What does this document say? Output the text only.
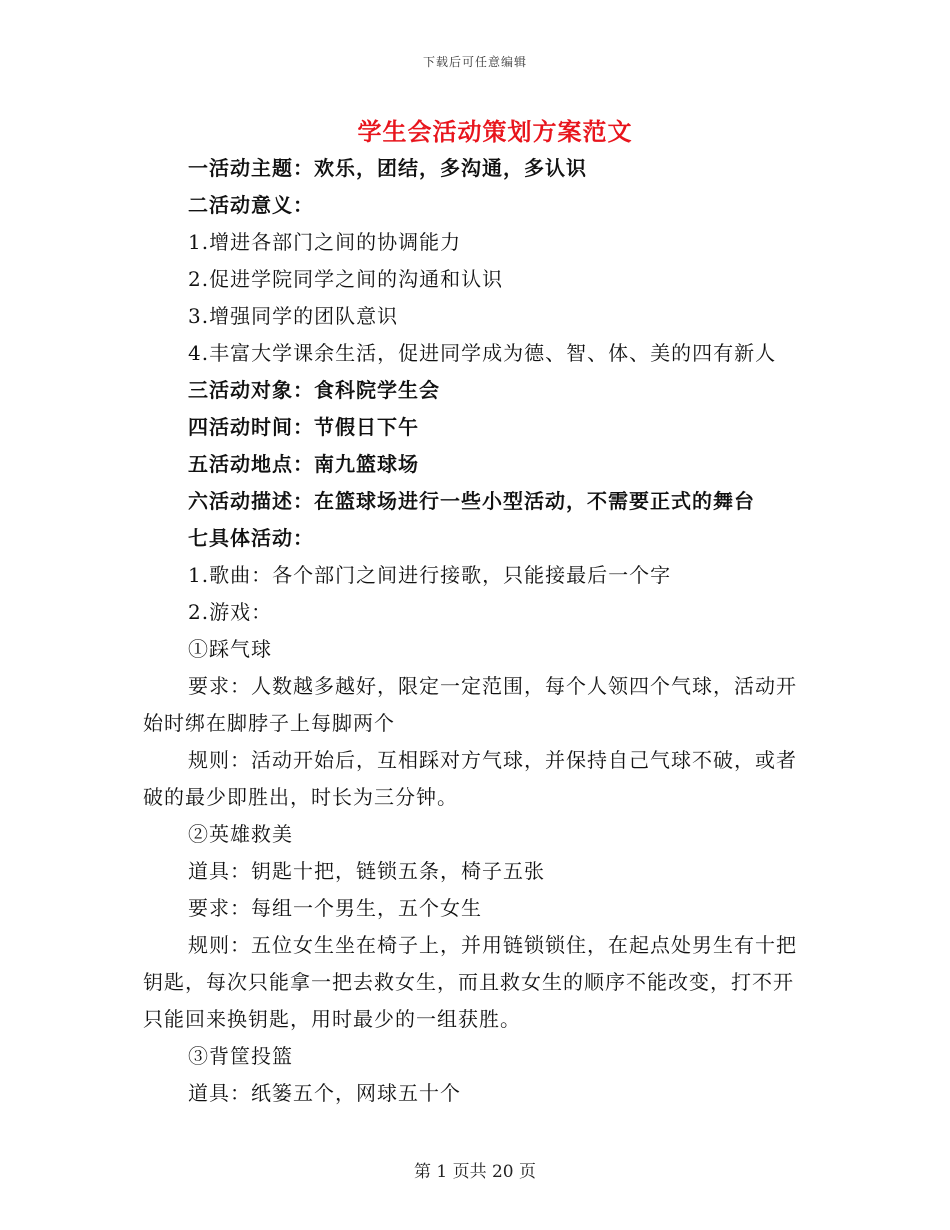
下载后可任意编辑
学生会活动策划方案范文
一活动主题：欢乐，团结，多沟通，多认识
二活动意义：
1.增进各部门之间的协调能力
2.促进学院同学之间的沟通和认识
3.增强同学的团队意识
4.丰富大学课余生活，促进同学成为德、智、体、美的四有新人
三活动对象：食科院学生会
四活动时间：节假日下午
五活动地点：南九篮球场
六活动描述：在篮球场进行一些小型活动，不需要正式的舞台
七具体活动：
1.歌曲：各个部门之间进行接歌，只能接最后一个字
2.游戏：
①踩气球
要求：人数越多越好，限定一定范围，每个人领四个气球，活动开始时绑在脚脖子上每脚两个
规则：活动开始后，互相踩对方气球，并保持自己气球不破，或者破的最少即胜出，时长为三分钟。
②英雄救美
道具：钥匙十把，链锁五条，椅子五张
要求：每组一个男生，五个女生
规则：五位女生坐在椅子上，并用链锁锁住，在起点处男生有十把钥匙，每次只能拿一把去救女生，而且救女生的顺序不能改变，打不开只能回来换钥匙，用时最少的一组获胜。
③背筐投篮
道具：纸篓五个，网球五十个
第 1 页共 20 页
